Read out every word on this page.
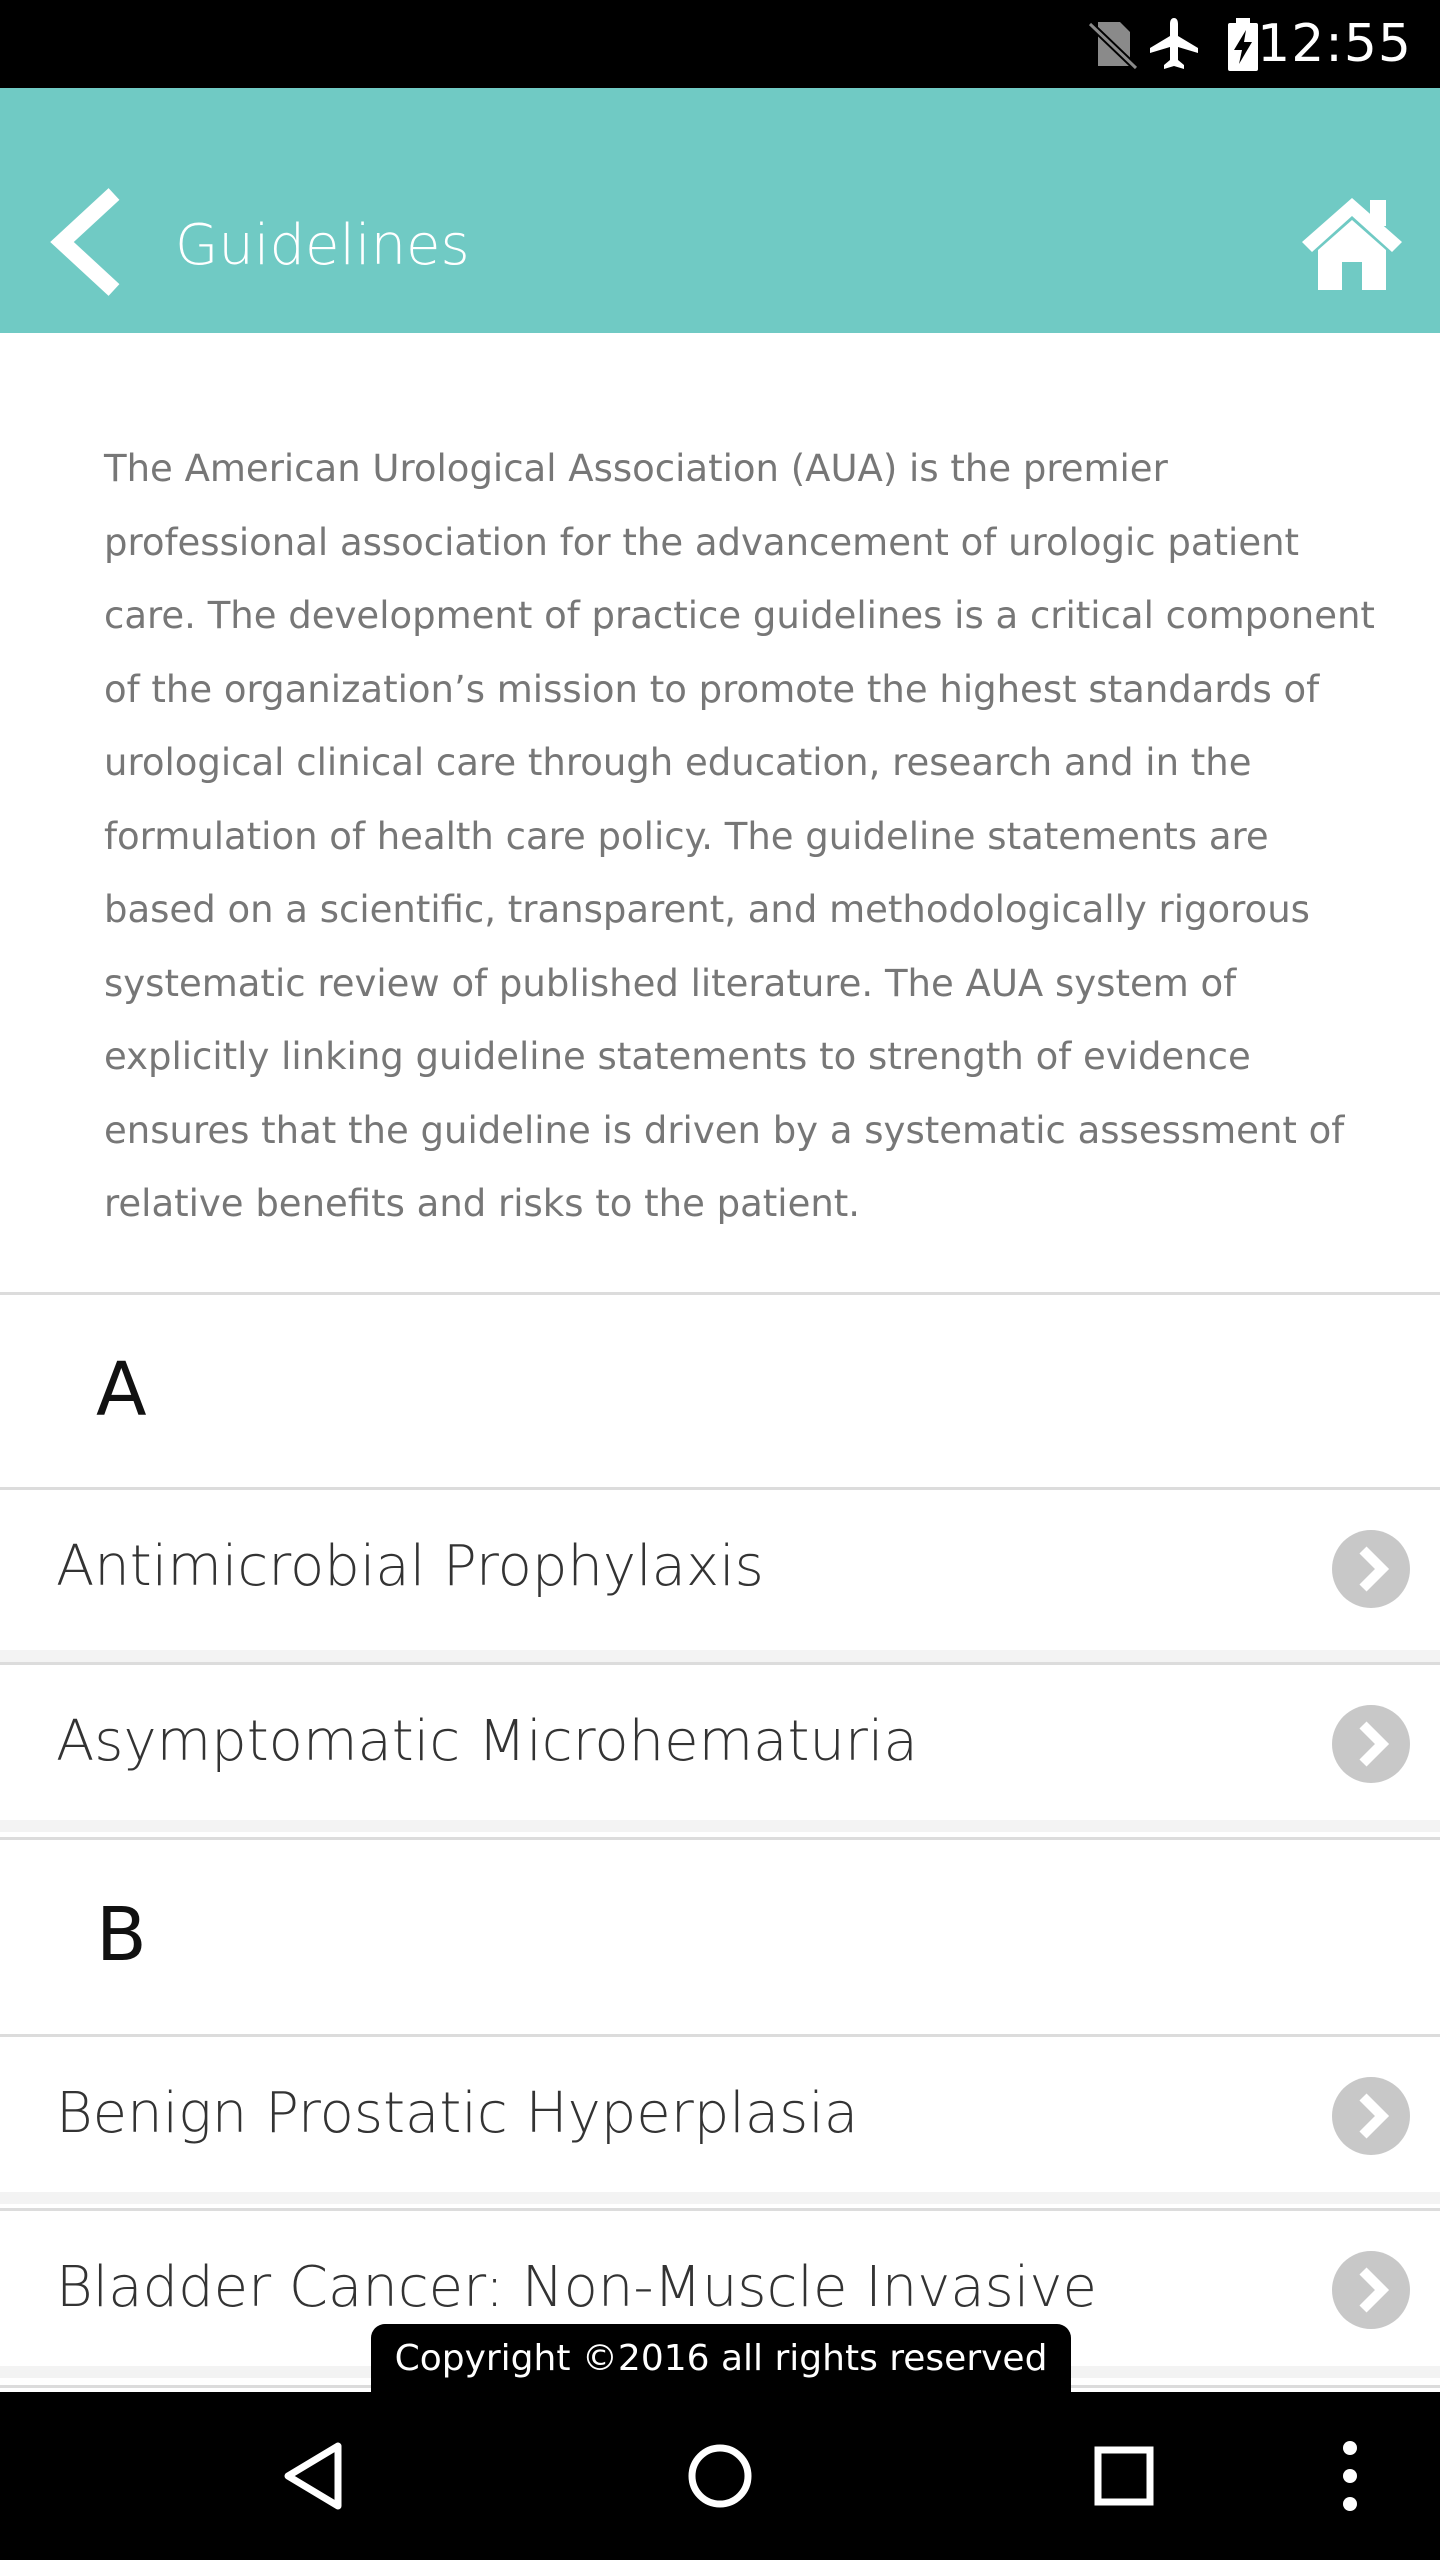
12:55
Guidelines
The American Urological Association (AUA) is the premier professional association for the advancement of urologic patient care. The development of practice guidelines is a critical component of the organization’s mission to promote the highest standards of urological clinical care through education, research and in the formulation of health care policy. The guideline statements are based on a scientific, transparent, and methodologically rigorous systematic review of published literature. The AUA system of explicitly linking guideline statements to strength of evidence ensures that the guideline is driven by a systematic assessment of relative benefits and risks to the patient.
A
Antimicrobial Prophylaxis
Asymptomatic Microhematuria
B
Benign Prostatic Hyperplasia
Bladder Cancer: Non-Muscle Invasive
Copyright ©2016 all rights reserved
